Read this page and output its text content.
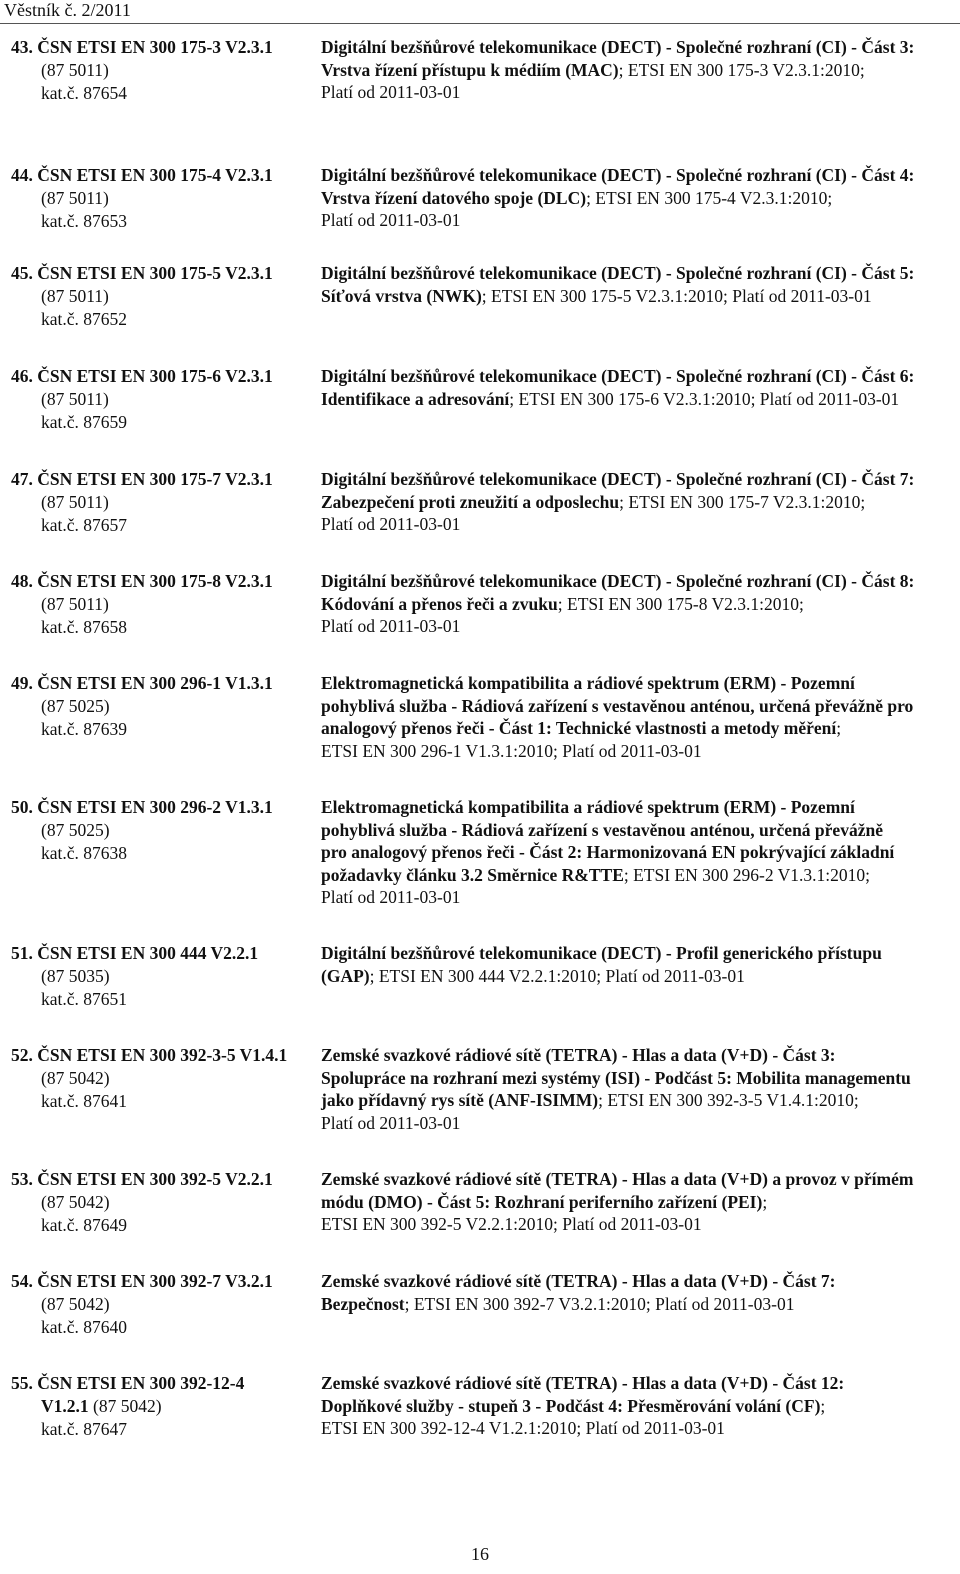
Věstník č. 2/2011
43. ČSN ETSI EN 300 175-3 V2.3.1
(87 5011)
kat.č. 87654
Digitální bezšňůrové telekomunikace (DECT) - Společné rozhraní (CI) - Část 3:
Vrstva řízení přístupu k médiím (MAC); ETSI EN 300 175-3 V2.3.1:2010;
Platí od 2011-03-01
44. ČSN ETSI EN 300 175-4 V2.3.1
(87 5011)
kat.č. 87653
Digitální bezšňůrové telekomunikace (DECT) - Společné rozhraní (CI) - Část 4:
Vrstva řízení datového spoje (DLC); ETSI EN 300 175-4 V2.3.1:2010;
Platí od 2011-03-01
45. ČSN ETSI EN 300 175-5 V2.3.1
(87 5011)
kat.č. 87652
Digitální bezšňůrové telekomunikace (DECT) - Společné rozhraní (CI) - Část 5:
Síťová vrstva (NWK); ETSI EN 300 175-5 V2.3.1:2010; Platí od 2011-03-01
46. ČSN ETSI EN 300 175-6 V2.3.1
(87 5011)
kat.č. 87659
Digitální bezšňůrové telekomunikace (DECT) - Společné rozhraní (CI) - Část 6:
Identifikace a adresování; ETSI EN 300 175-6 V2.3.1:2010; Platí od 2011-03-01
47. ČSN ETSI EN 300 175-7 V2.3.1
(87 5011)
kat.č. 87657
Digitální bezšňůrové telekomunikace (DECT) - Společné rozhraní (CI) - Část 7:
Zabezpečení proti zneužití a odposlechu; ETSI EN 300 175-7 V2.3.1:2010;
Platí od 2011-03-01
48. ČSN ETSI EN 300 175-8 V2.3.1
(87 5011)
kat.č. 87658
Digitální bezšňůrové telekomunikace (DECT) - Společné rozhraní (CI) - Část 8:
Kódování a přenos řeči a zvuku; ETSI EN 300 175-8 V2.3.1:2010;
Platí od 2011-03-01
49. ČSN ETSI EN 300 296-1 V1.3.1
(87 5025)
kat.č. 87639
Elektromagnetická kompatibilita a rádiové spektrum (ERM) - Pozemní
pohyblivá služba - Rádiová zařízení s vestavěnou anténou, určená převážně pro
analogový přenos řeči - Část 1: Technické vlastnosti a metody měření;
ETSI EN 300 296-1 V1.3.1:2010; Platí od 2011-03-01
50. ČSN ETSI EN 300 296-2 V1.3.1
(87 5025)
kat.č. 87638
Elektromagnetická kompatibilita a rádiové spektrum (ERM) - Pozemní
pohyblivá služba - Rádiová zařízení s vestavěnou anténou, určená převážně
pro analogový přenos řeči - Část 2: Harmonizovaná EN pokrývající základní
požadavky článku 3.2 Směrnice R&TTE; ETSI EN 300 296-2 V1.3.1:2010;
Platí od 2011-03-01
51. ČSN ETSI EN 300 444 V2.2.1
(87 5035)
kat.č. 87651
Digitální bezšňůrové telekomunikace (DECT) - Profil generického přístupu
(GAP); ETSI EN 300 444 V2.2.1:2010; Platí od 2011-03-01
52. ČSN ETSI EN 300 392-3-5 V1.4.1
(87 5042)
kat.č. 87641
Zemské svazkové rádiové sítě (TETRA) - Hlas a data (V+D) - Část 3:
Spolupráce na rozhraní mezi systémy (ISI) - Podčást 5: Mobilita managementu
jako přídavný rys sítě (ANF-ISIMM); ETSI EN 300 392-3-5 V1.4.1:2010;
Platí od 2011-03-01
53. ČSN ETSI EN 300 392-5 V2.2.1
(87 5042)
kat.č. 87649
Zemské svazkové rádiové sítě (TETRA) - Hlas a data (V+D) a provoz v přímém
módu (DMO) - Část 5: Rozhraní periferního zařízení (PEI);
ETSI EN 300 392-5 V2.2.1:2010; Platí od 2011-03-01
54. ČSN ETSI EN 300 392-7 V3.2.1
(87 5042)
kat.č. 87640
Zemské svazkové rádiové sítě (TETRA) - Hlas a data (V+D) - Část 7:
Bezpečnost; ETSI EN 300 392-7 V3.2.1:2010; Platí od 2011-03-01
55. ČSN ETSI EN 300 392-12-4
V1.2.1 (87 5042)
kat.č. 87647
Zemské svazkové rádiové sítě (TETRA) - Hlas a data (V+D) - Část 12:
Doplňkové služby - stupeň 3 - Podčást 4: Přesměrování volání (CF);
ETSI EN 300 392-12-4 V1.2.1:2010; Platí od 2011-03-01
16
